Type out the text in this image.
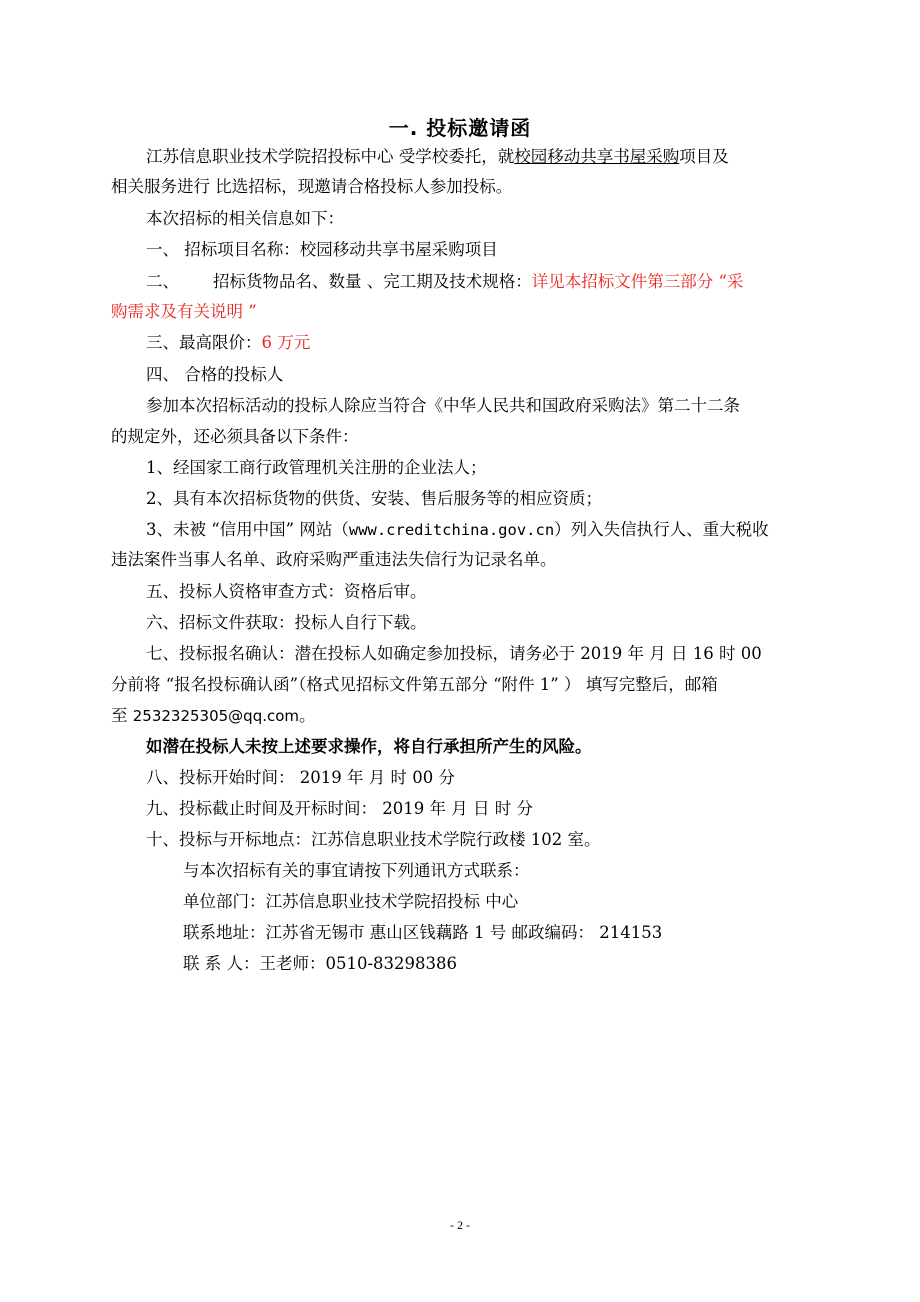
一. 投标邀请函
江苏信息职业技术学院招投标中心 受学校委托，就校园移动共享书屋采购项目及
相关服务进行 比选招标，现邀请合格投标人参加投标。
本次招标的相关信息如下：
一、 招标项目名称：校园移动共享书屋采购项目
二、 招标货物品名、数量 、完工期及技术规格：详见本招标文件第三部分 “采
购需求及有关说明 ”
三、最高限价：6 万元
四、 合格的投标人
参加本次招标活动的投标人除应当符合《中华人民共和国政府采购法》第二十二条
的规定外，还必须具备以下条件：
1、经国家工商行政管理机关注册的企业法人；
2、具有本次招标货物的供货、安装、售后服务等的相应资质；
3、未被 “信用中国” 网站（www.creditchina.gov.cn）列入失信执行人、重大税收
违法案件当事人名单、政府采购严重违法失信行为记录名单。
五、投标人资格审查方式：资格后审。
六、招标文件获取：投标人自行下载。
七、投标报名确认：潜在投标人如确定参加投标，请务必于 2019 年 月 日 16 时 00
分前将 “报名投标确认函”（格式见招标文件第五部分 “附件 1” ） 填写完整后，邮箱
至 2532325305@qq.com。
如潜在投标人未按上述要求操作，将自行承担所产生的风险。
八、投标开始时间： 2019 年 月 时 00 分
九、投标截止时间及开标时间： 2019 年 月 日 时 分
十、投标与开标地点：江苏信息职业技术学院行政楼 102 室。
与本次招标有关的事宜请按下列通讯方式联系：
单位部门：江苏信息职业技术学院招投标 中心
联系地址：江苏省无锡市 惠山区钱藕路 1 号 邮政编码： 214153
联 系 人：王老师：0510-83298386
- 2 -
